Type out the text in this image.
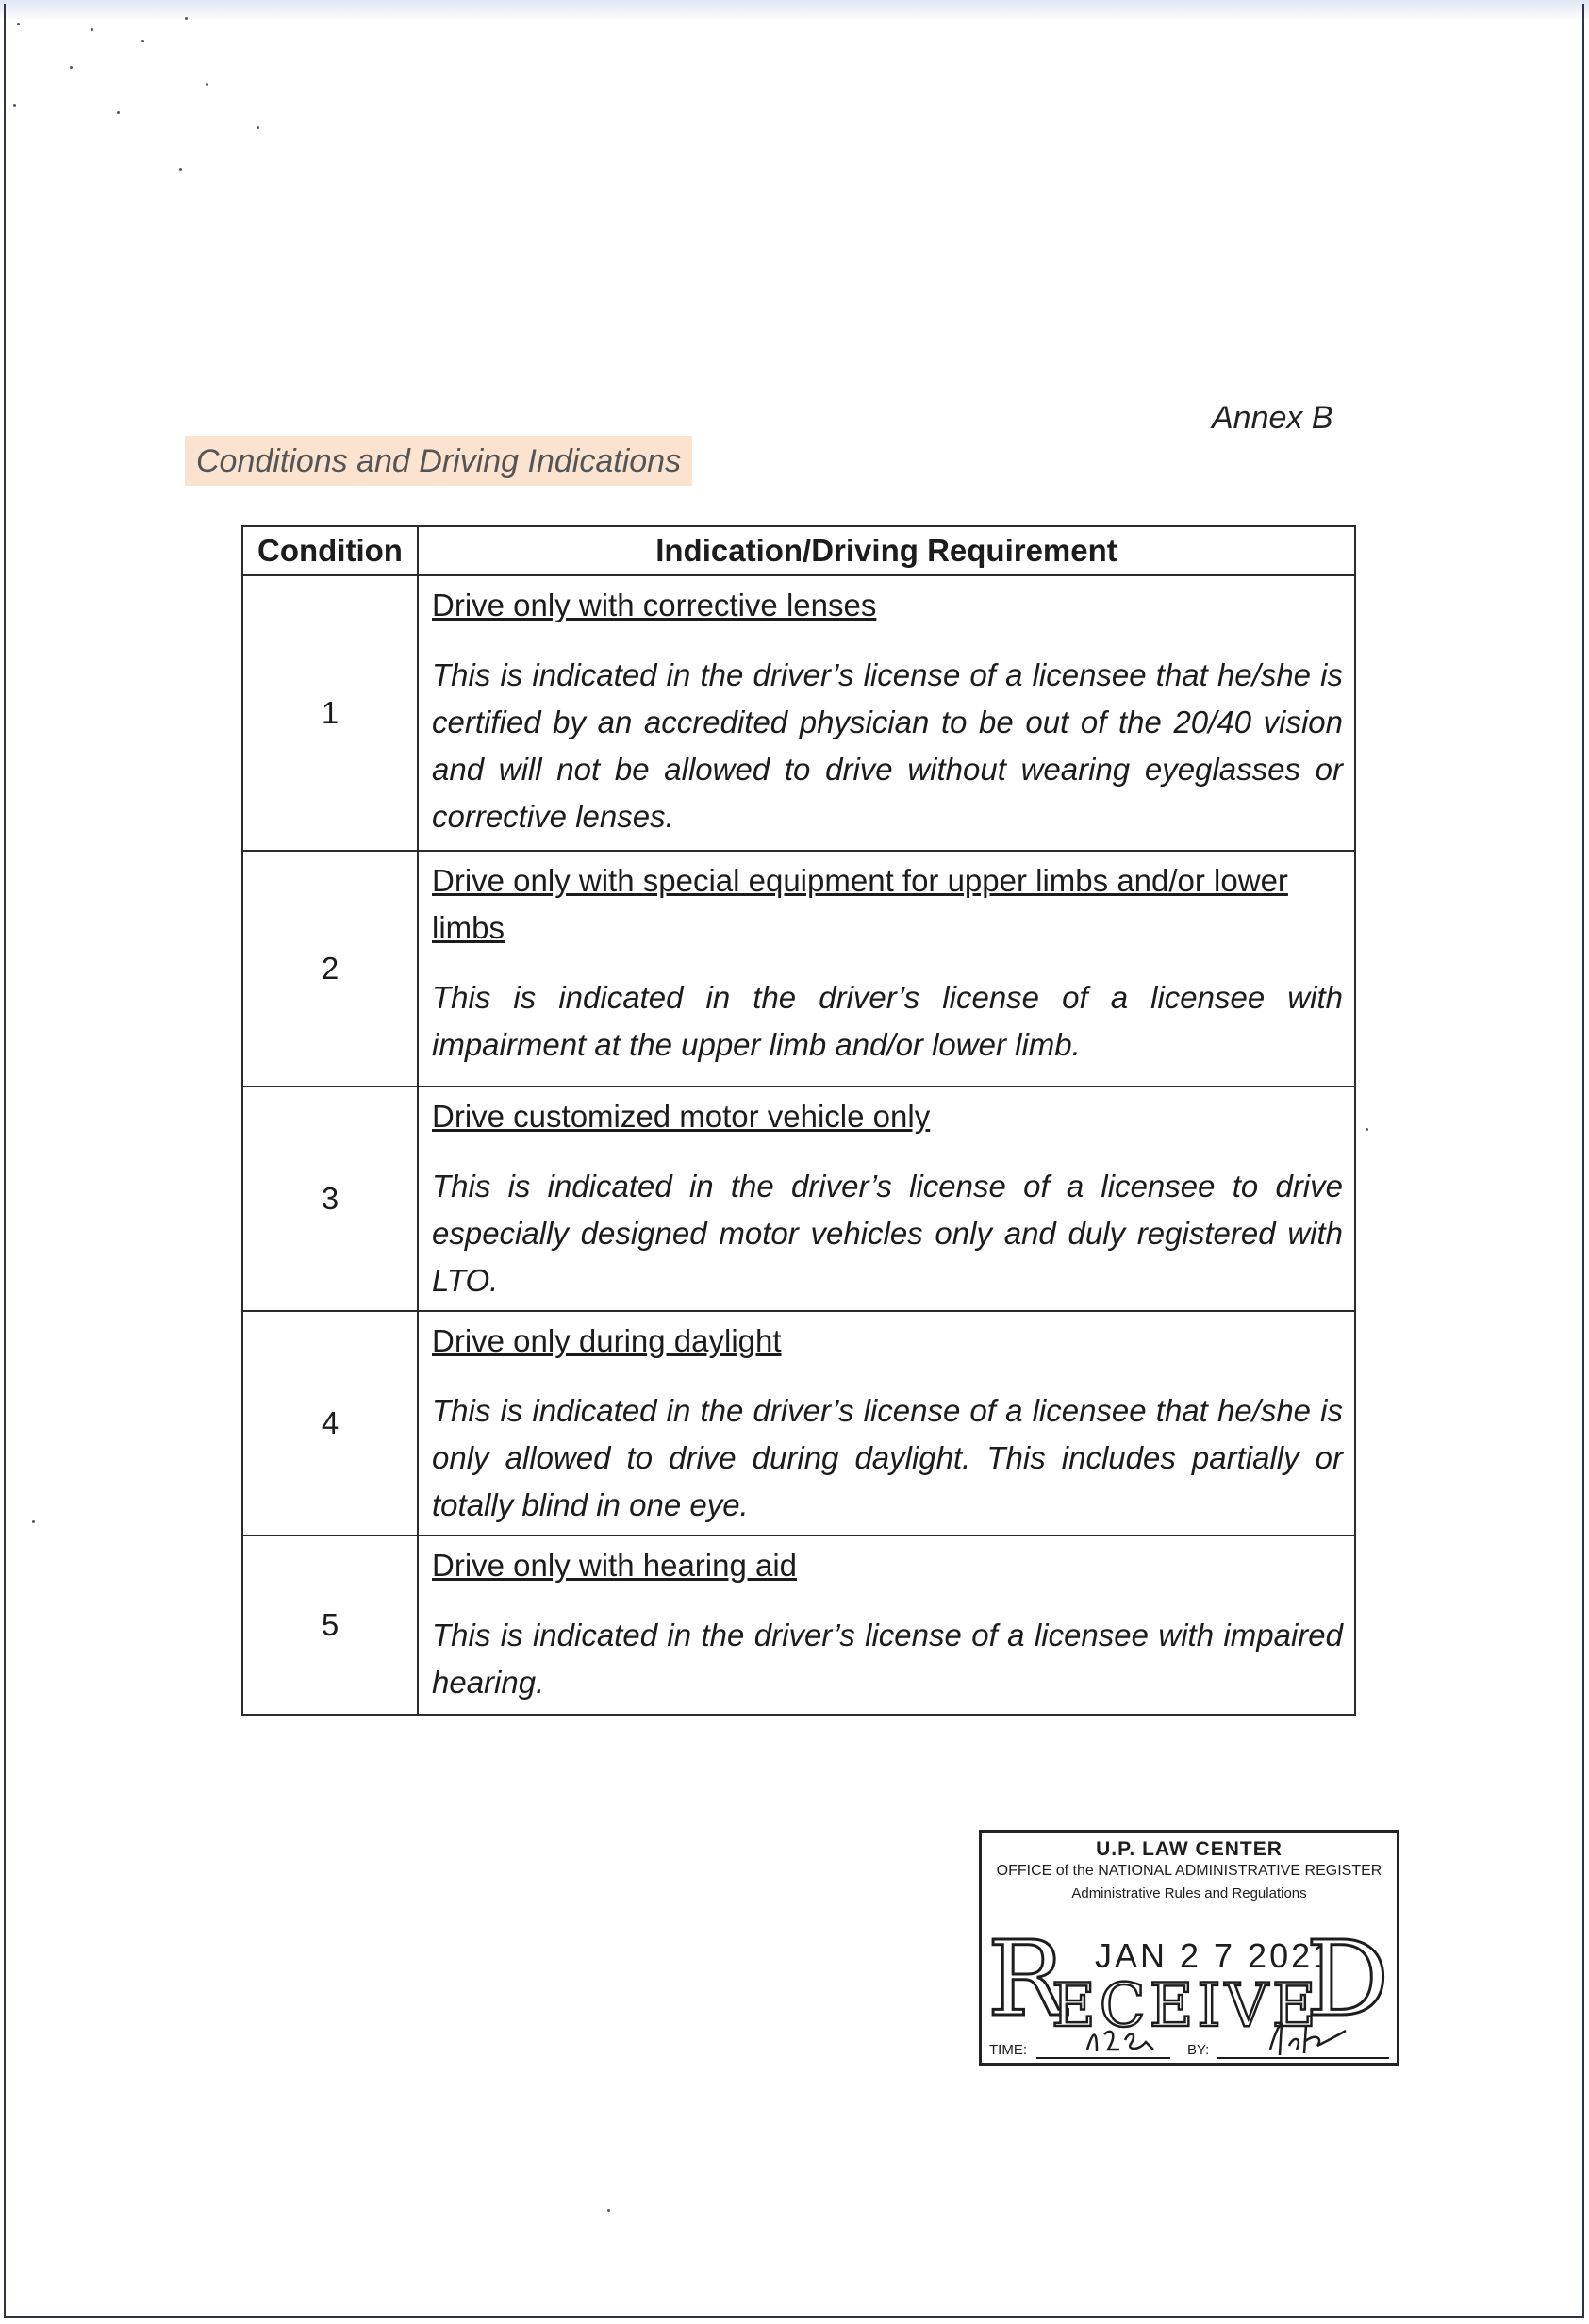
Annex B
Conditions and Driving Indications
Condition	Indication/Driving Requirement
1	Drive only with corrective lenses
This is indicated in the driver’s license of a licensee that he/she is certified by an accredited physician to be out of the 20/40 vision and will not be allowed to drive without wearing eyeglasses or corrective lenses.

2	Drive only with special equipment for upper limbs and/or lower limbs
This is indicated in the driver’s license of a licensee with impairment at the upper limb and/or lower limb.

3	Drive customized motor vehicle only
This is indicated in the driver’s license of a licensee to drive especially designed motor vehicles only and duly registered with LTO.

4	Drive only during daylight
This is indicated in the driver’s license of a licensee that he/she is only allowed to drive during daylight. This includes partially or totally blind in one eye.

5	Drive only with hearing aid
This is indicated in the driver’s license of a licensee with impaired hearing.
U.P. LAW CENTER
OFFICE of the NATIONAL ADMINISTRATIVE REGISTER
Administrative Rules and Regulations
R JAN 2 7 2021
ECEIVE
D
TIME:	BY:
